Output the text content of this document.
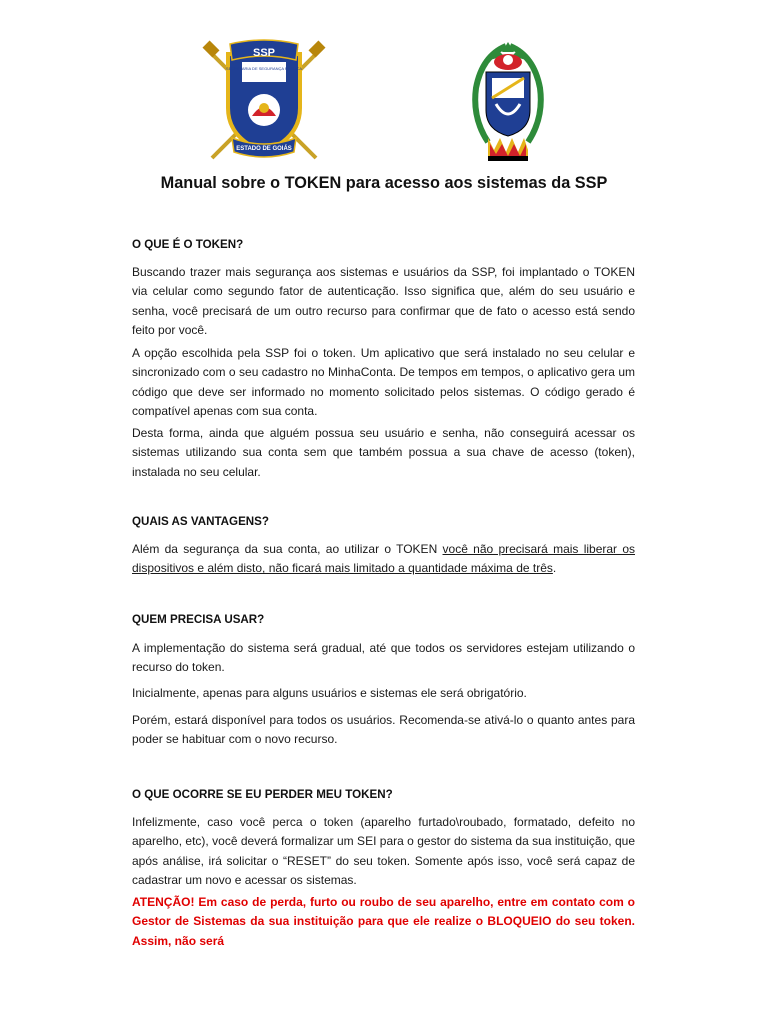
SSP
SECRETARIA DE SEGURANÇA PÚBLICA
ESTADO DE GOIÁS
Manual sobre o TOKEN para acesso aos sistemas da SSP

O QUE É O TOKEN?

Buscando trazer mais segurança aos sistemas e usuários da SSP, foi implantado o TOKEN via celular como segundo fator de autenticação. Isso significa que, além do seu usuário e senha, você precisará de um outro recurso para confirmar que de fato o acesso está sendo feito por você.

A opção escolhida pela SSP foi o token. Um aplicativo que será instalado no seu celular e sincronizado com o seu cadastro no MinhaConta. De tempos em tempos, o aplicativo gera um código que deve ser informado no momento solicitado pelos sistemas. O código gerado é compatível apenas com sua conta.

Desta forma, ainda que alguém possua seu usuário e senha, não conseguirá acessar os sistemas utilizando sua conta sem que também possua a sua chave de acesso (token), instalada no seu celular.

QUAIS AS VANTAGENS?

Além da segurança da sua conta, ao utilizar o TOKEN você não precisará mais liberar os dispositivos e além disto, não ficará mais limitado a quantidade máxima de três.

QUEM PRECISA USAR?

A implementação do sistema será gradual, até que todos os servidores estejam utilizando o recurso do token.

Inicialmente, apenas para alguns usuários e sistemas ele será obrigatório.

Porém, estará disponível para todos os usuários. Recomenda-se ativá-lo o quanto antes para poder se habituar com o novo recurso.

O QUE OCORRE SE EU PERDER MEU TOKEN?

Infelizmente, caso você perca o token (aparelho furtado\roubado, formatado, defeito no aparelho, etc), você deverá formalizar um SEI para o gestor do sistema da sua instituição, que após análise, irá solicitar o “RESET” do seu token. Somente após isso, você será capaz de cadastrar um novo e acessar os sistemas.

ATENÇÃO! Em caso de perda, furto ou roubo de seu aparelho, entre em contato com o Gestor de Sistemas da sua instituição para que ele realize o BLOQUEIO do seu token. Assim, não será
